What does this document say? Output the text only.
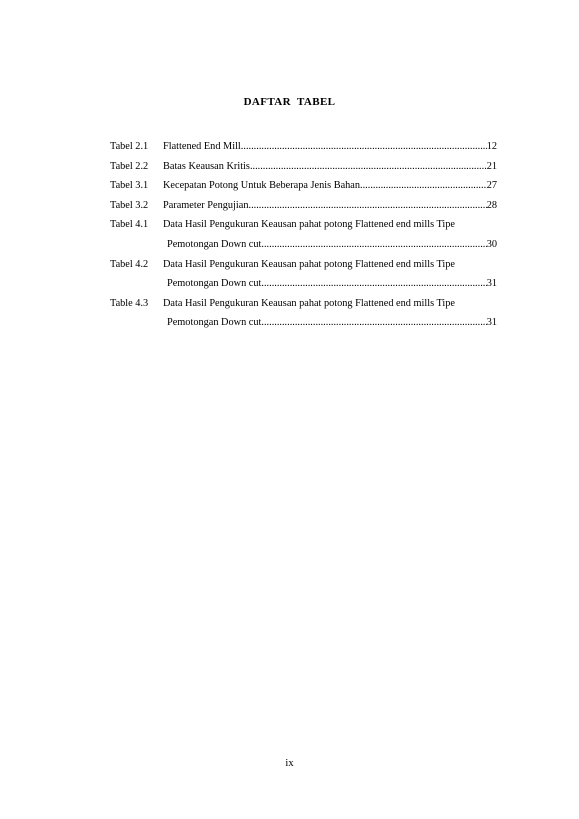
DAFTAR TABEL
Tabel 2.1	Flattened End Mill .....	12
Tabel 2.2	Batas Keausan Kritis .....	21
Tabel 3.1	Kecepatan Potong Untuk Beberapa Jenis Bahan .....	27
Tabel 3.2	Parameter Pengujian .....	28
Tabel 4.1	Data Hasil Pengukuran Keausan pahat potong Flattened end mills Tipe
Pemotongan Down cut .....	30
Tabel 4.2	Data Hasil Pengukuran Keausan pahat potong Flattened end mills Tipe
Pemotongan Down cut .....	31
Table 4.3	Data Hasil Pengukuran Keausan pahat potong Flattened end mills Tipe
Pemotongan Down cut .....	31
ix
